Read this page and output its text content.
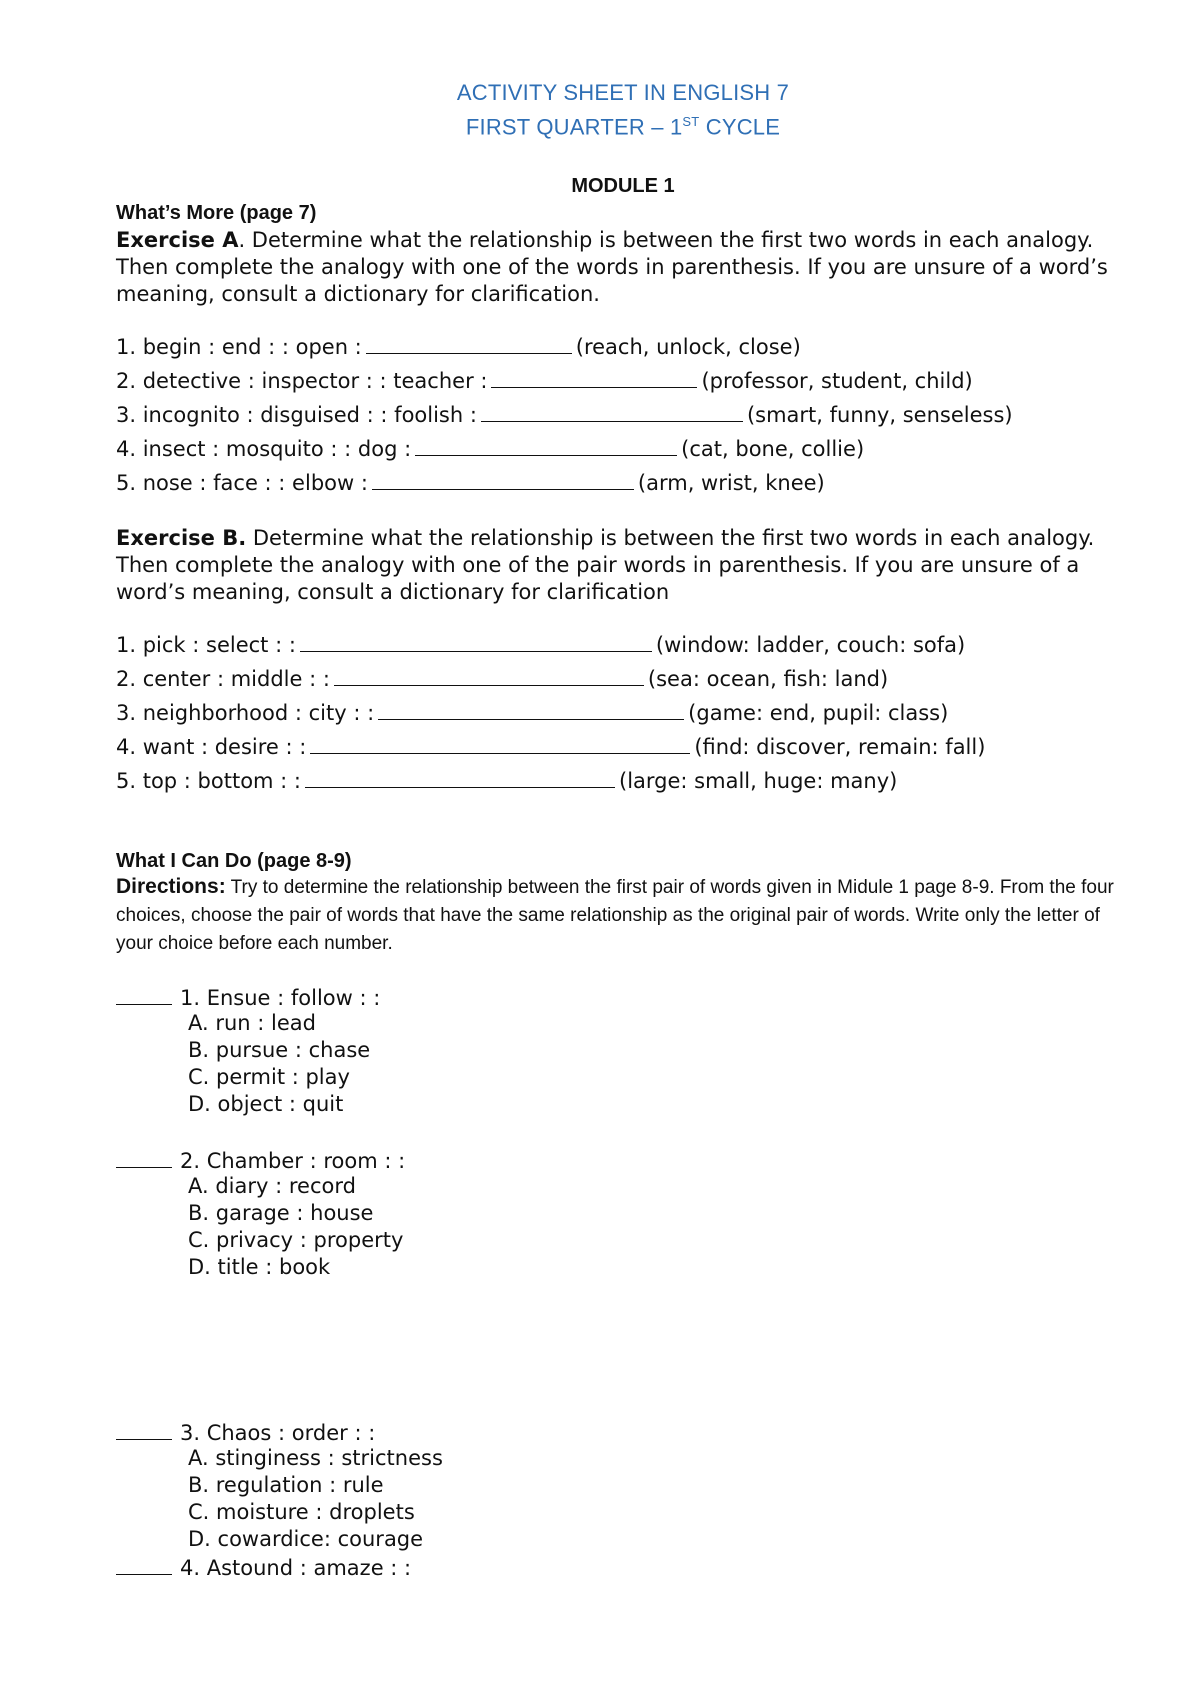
ACTIVITY SHEET IN ENGLISH 7
FIRST QUARTER – 1ST CYCLE
MODULE 1
What’s More (page 7)
Exercise A. Determine what the relationship is between the first two words in each analogy. Then complete the analogy with one of the words in parenthesis. If you are unsure of a word’s meaning, consult a dictionary for clarification.
1. begin : end : : open :	(reach, unlock, close)
2. detective : inspector : : teacher :	(professor, student, child)
3. incognito : disguised : : foolish :	(smart, funny, senseless)
4. insect : mosquito : : dog :	(cat, bone, collie)
5. nose : face : : elbow :	(arm, wrist, knee)
Exercise B. Determine what the relationship is between the first two words in each analogy. Then complete the analogy with one of the pair words in parenthesis. If you are unsure of a word’s meaning, consult a dictionary for clarification
1. pick : select : :	(window: ladder, couch: sofa)
2. center : middle : :	(sea: ocean, fish: land)
3. neighborhood : city : :	(game: end, pupil: class)
4. want : desire : :	(find: discover, remain: fall)
5. top : bottom : :	(large: small, huge: many)
What I Can Do (page 8-9)
Directions: Try to determine the relationship between the first pair of words given in Midule 1 page 8-9. From the four choices, choose the pair of words that have the same relationship as the original pair of words. Write only the letter of your choice before each number.
1. Ensue : follow : :
A. run : lead
B. pursue : chase
C. permit : play
D. object : quit
2. Chamber : room : :
A. diary : record
B. garage : house
C. privacy : property
D. title : book
3. Chaos : order : :
A. stinginess : strictness
B. regulation : rule
C. moisture : droplets
D. cowardice: courage
4. Astound : amaze : :
